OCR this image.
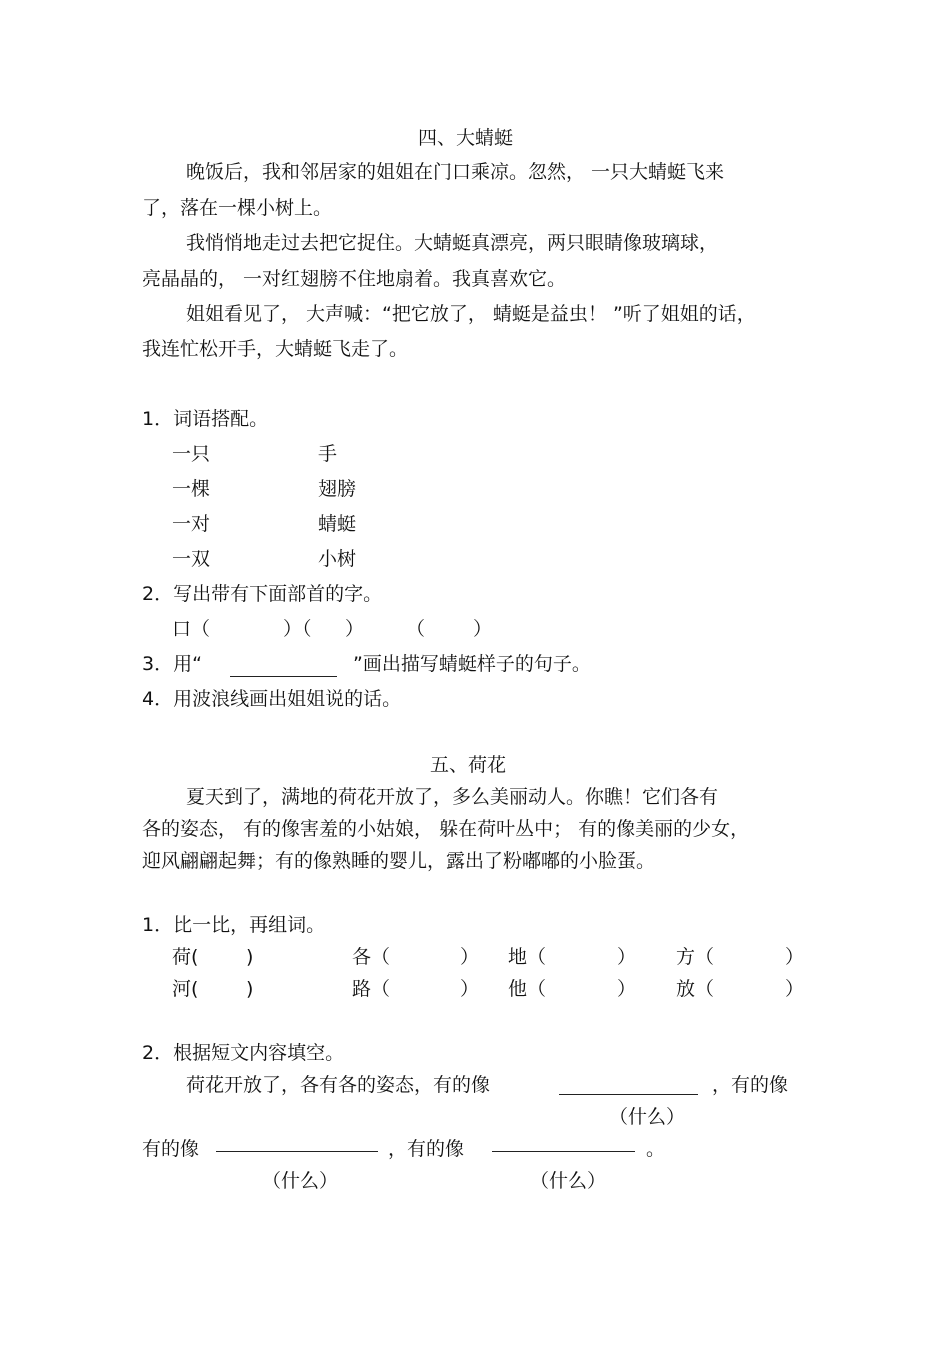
四、大蜻蜓
晚饭后，我和邻居家的姐姐在门口乘凉。忽然， 一只大蜻蜓飞来
了，落在一棵小树上。
我悄悄地走过去把它捉住。大蜻蜓真漂亮，两只眼睛像玻璃球，
亮晶晶的， 一对红翅膀不住地扇着。我真喜欢它。
姐姐看见了， 大声喊：“把它放了， 蜻蜓是益虫！ ”听了姐姐的话，
我连忙松开手，大蜻蜓飞走了。
1．词语搭配。
一只	手
一棵	翅膀
一对	蜻蜓
一双	小树
2．写出带有下面部首的字。
口（	）（ ） （	）
3．用“	”画出描写蜻蜓样子的句子。
4．用波浪线画出姐姐说的话。
五、荷花
夏天到了，满地的荷花开放了，多么美丽动人。你瞧！它们各有
各的姿态， 有的像害羞的小姑娘， 躲在荷叶丛中； 有的像美丽的少女，
迎风翩翩起舞；有的像熟睡的婴儿，露出了粉嘟嘟的小脸蛋。
1．比一比，再组词。
荷(	)	各（	） 地（	） 方（	）
河(	)	路（	） 他（	） 放（	）
2．根据短文内容填空。
荷花开放了，各有各的姿态，有的像	，有的像
（什么）
有的像	，有的像	。
（什么）	（什么）
